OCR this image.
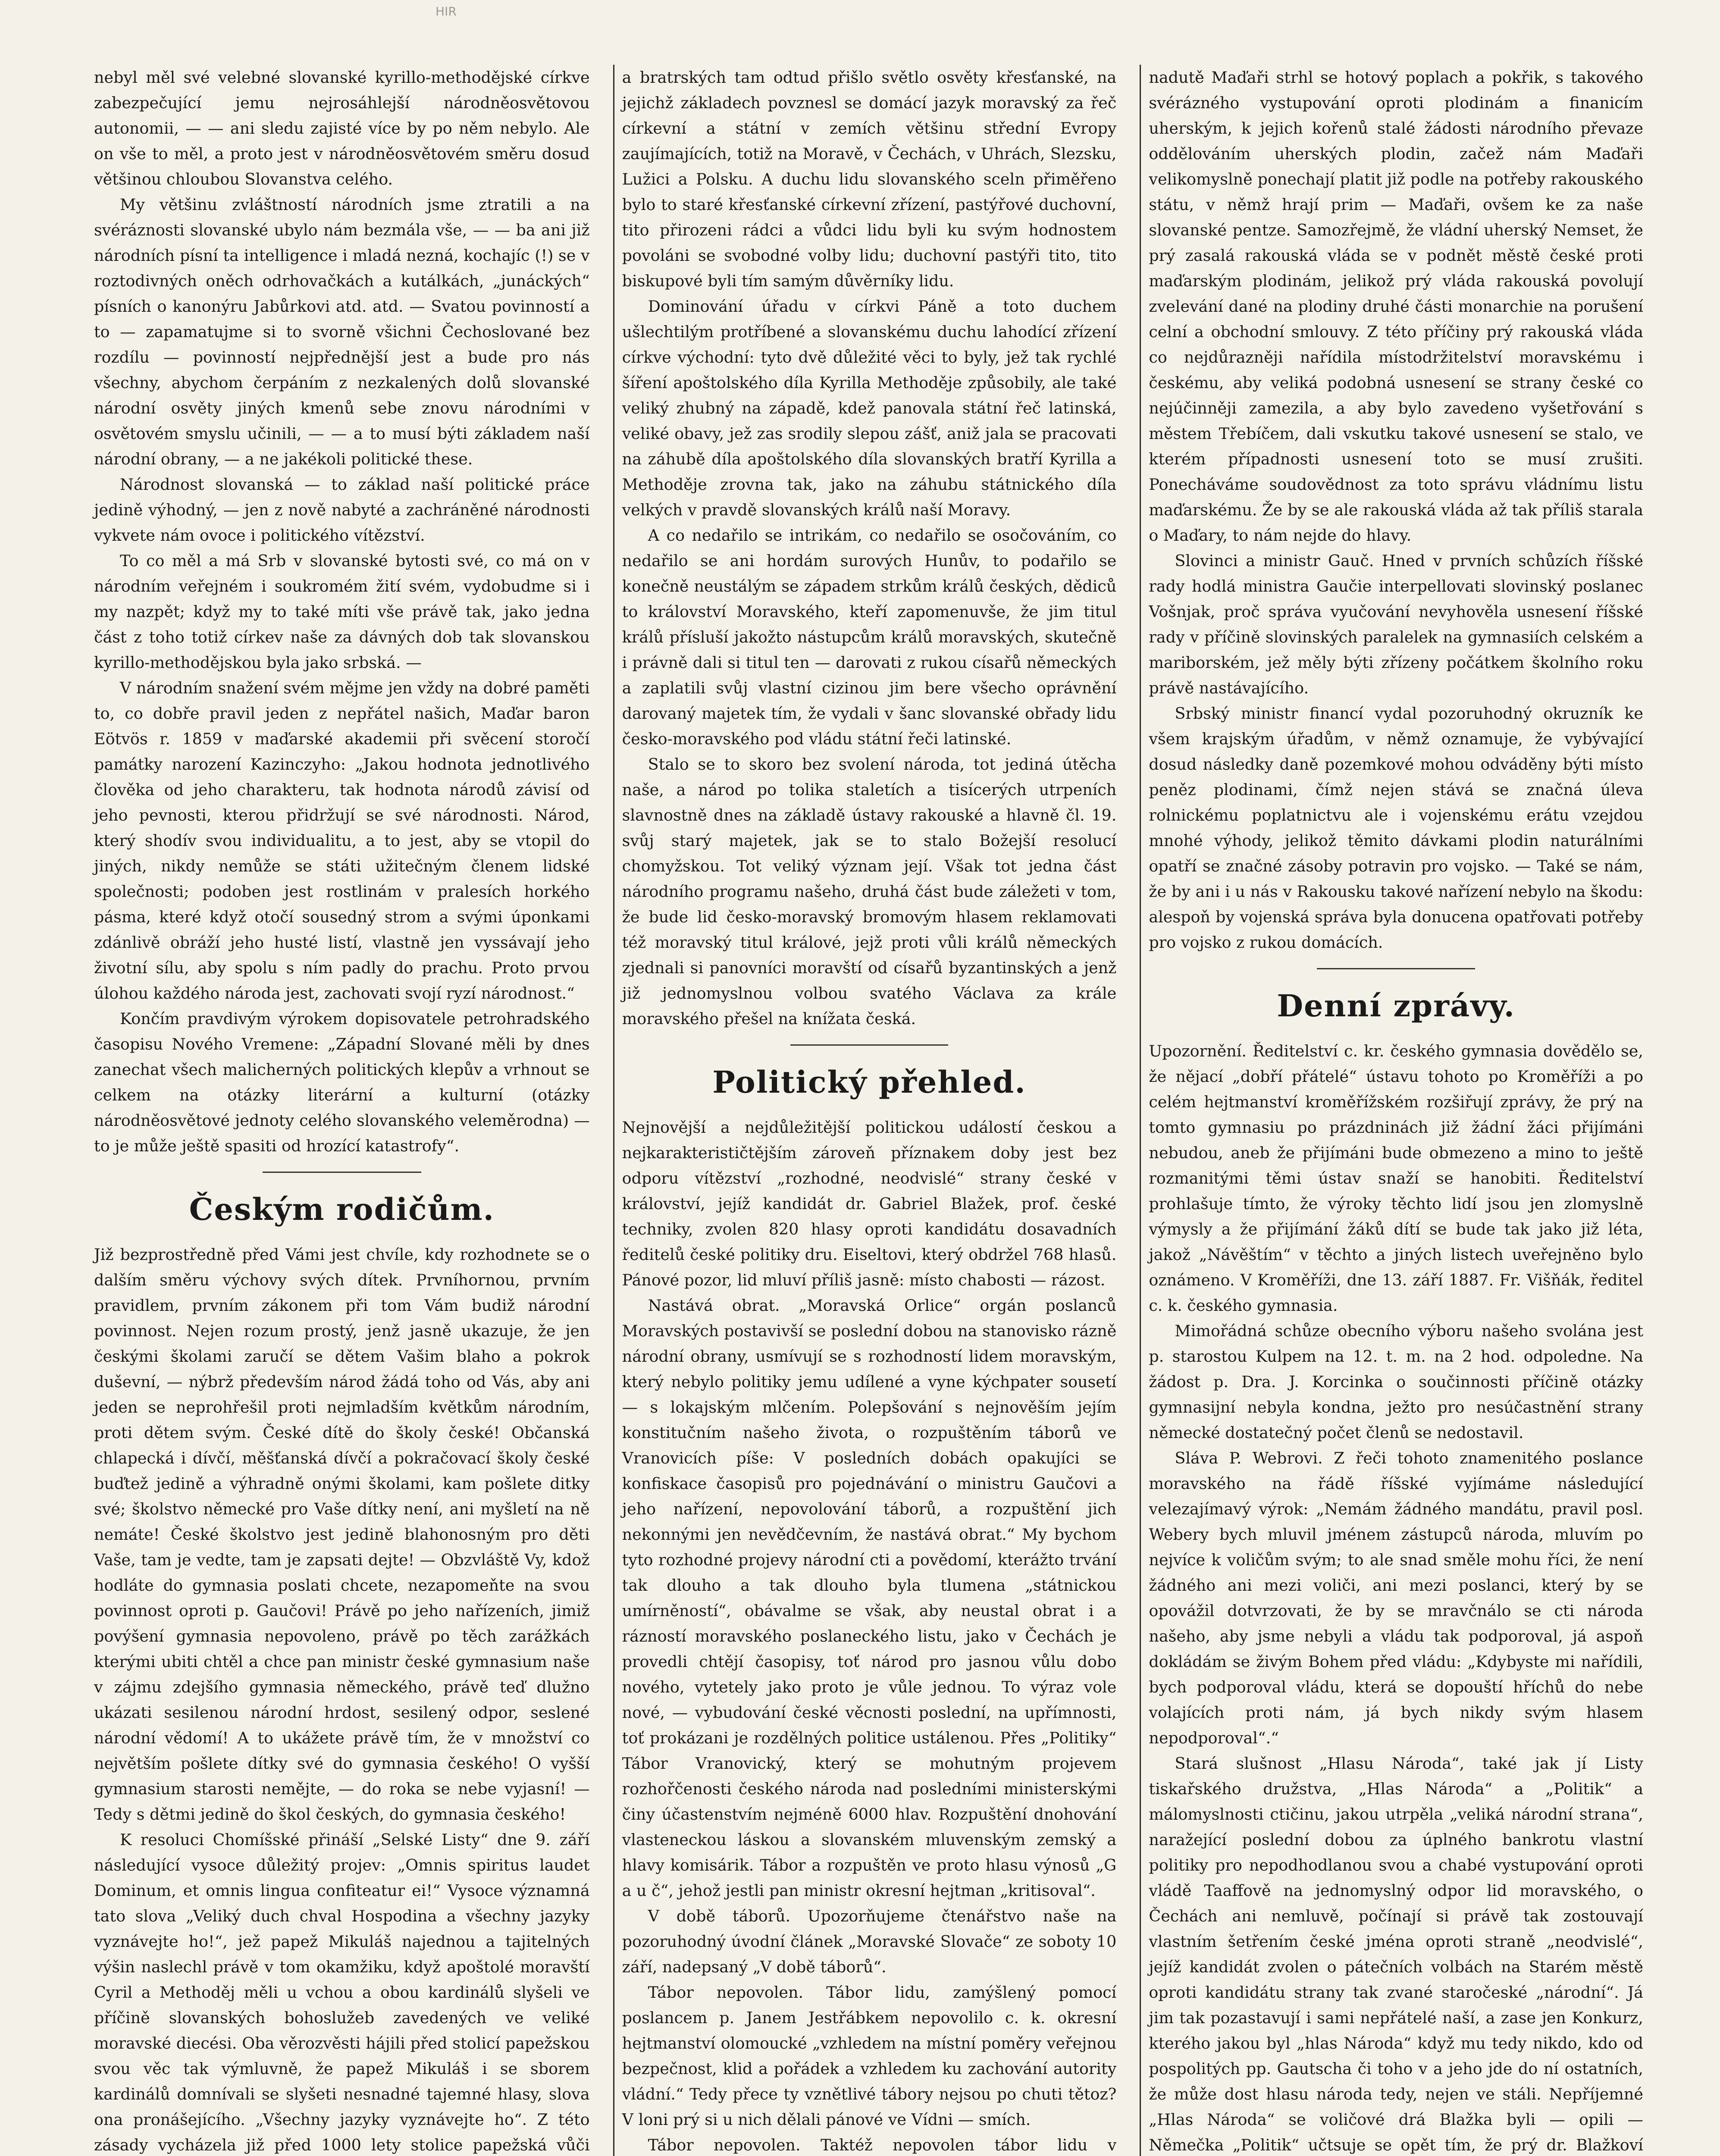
HIR

nebyl měl své velebné slovanské kyrillo-methodějské církve zabezpečující jemu nejrosáhlejší národněosvětovou autonomii, — — ani sledu zajisté více by po něm nebylo. Ale on vše to měl, a proto jest v národněosvětovém směru dosud většinou chloubou Slovanstva celého.

My většinu zvláštností národních jsme ztratili a na svéráznosti slovanské ubylo nám bezmála vše, — — ba ani již národních písní ta intelligence i mladá nezná, kochajíc (!) se v roztodivných oněch odrhovačkách a kutálkách, „junáckých“ písních o kanonýru Jabůrkovi atd. atd. — Svatou povinností a to — zapamatujme si to svorně všichni Čechoslované bez rozdílu — povinností nejpřednější jest a bude pro nás všechny, abychom čerpáním z nezkalených dolů slovanské národní osvěty jiných kmenů sebe znovu národními v osvětovém smyslu učinili, — — a to musí býti základem naší národní obrany, — a ne jakékoli politické these.

Národnost slovanská — to základ naší politické práce jedině výhodný, — jen z nově nabyté a zachráněné národnosti vykvete nám ovoce i politického vítězství.

To co měl a má Srb v slovanské bytosti své, co má on v národním veřejném i soukromém žití svém, vydobudme si i my nazpět; když my to také míti vše právě tak, jako jedna část z toho totiž církev naše za dávných dob tak slovanskou kyrillo-methodějskou byla jako srbská. —

V národním snažení svém mějme jen vždy na dobré paměti to, co dobře pravil jeden z nepřátel našich, Maďar baron Eötvös r. 1859 v maďarské akademii při svěcení storočí památky narození Kazinczyho: „Jakou hodnota jednotlivého člověka od jeho charakteru, tak hodnota národů závisí od jeho pevnosti, kterou přidržují se své národnosti. Národ, který shodív svou individualitu, a to jest, aby se vtopil do jiných, nikdy nemůže se státi užitečným členem lidské společnosti; podoben jest rostlinám v pralesích horkého pásma, které když otočí sousedný strom a svými úponkami zdánlivě obráží jeho husté listí, vlastně jen vyssávají jeho životní sílu, aby spolu s ním padly do prachu. Proto prvou úlohou každého národa jest, zachovati svojí ryzí národnost.“

Končím pravdivým výrokem dopisovatele petrohradského časopisu Nového Vremene: „Západní Slované měli by dnes zanechat všech malicherných politických klepův a vrhnout se celkem na otázky literární a kulturní (otázky národněosvětové jednoty celého slovanského veleměrodna) — to je může ještě spasiti od hrozící katastrofy“.

Českým rodičům.

Již bezprostředně před Vámi jest chvíle, kdy rozhodnete se o dalším směru výchovy svých dítek. Prvníhornou, prvním pravidlem, prvním zákonem při tom Vám budiž národní povinnost. Nejen rozum prostý, jenž jasně ukazuje, že jen českými školami zaručí se dětem Vašim blaho a pokrok duševní, — nýbrž především národ žádá toho od Vás, aby ani jeden se neprohřešil proti nejmladším květkům národním, proti dětem svým. České dítě do školy české! Občanská chlapecká i dívčí, měšťanská dívčí a pokračovací školy české buďtež jedině a výhradně onými školami, kam pošlete ditky své; školstvo německé pro Vaše dítky není, ani myšletí na ně nemáte! České školstvo jest jedině blahonosným pro děti Vaše, tam je vedte, tam je zapsati dejte! — Obzvláště Vy, kdož hodláte do gymnasia poslati chcete, nezapomeňte na svou povinnost oproti p. Gaučovi! Právě po jeho nařízeních, jimiž povýšení gymnasia nepovoleno, právě po těch zarážkách kterými ubiti chtěl a chce pan ministr české gymnasium naše v zájmu zdejšího gymnasia německého, právě teď dlužno ukázati sesilenou národní hrdost, sesilený odpor, seslené národní vědomí! A to ukážete právě tím, že v množství co největším pošlete dítky své do gymnasia českého! O vyšší gymnasium starosti nemějte, — do roka se nebe vyjasní! — Tedy s dětmi jedině do škol českých, do gymnasia českého!

K resoluci Chomíšské přináší „Selské Listy“ dne 9. září následující vysoce důležitý projev: „Omnis spiritus laudet Dominum, et omnis lingua confiteatur ei!“ Vysoce významná tato slova „Veliký duch chval Hospodina a všechny jazyky vyznávejte ho!“, jež papež Mikuláš najednou a tajitelných výšin naslechl právě v tom okamžiku, když apoštolé moravští Cyril a Methoděj měli u vchou a obou kardinálů slyšeli ve příčině slovanských bohoslužeb zavedených ve veliké moravské diecési. Oba věrozvěsti hájili před stolicí papežskou svou věc tak výmluvně, že papež Mikuláš i se sborem kardinálů domnívali se slyšeti nesnadné tajemné hlasy, slova ona pronášejícího. „Všechny jazyky vyznávejte ho“. Z této zásady vycházela již před 1000 lety stolice papežská vůči

a bratrských tam odtud přišlo světlo osvěty křesťanské, na jejichž základech povznesl se domácí jazyk moravský za řeč církevní a státní v zemích většinu střední Evropy zaujímajících, totiž na Moravě, v Čechách, v Uhrách, Slezsku, Lužici a Polsku. A duchu lidu slovanského sceln přiměřeno bylo to staré křesťanské církevní zřízení, pastýřové duchovní, tito přirozeni rádci a vůdci lidu byli ku svým hodnostem povoláni se svobodné volby lidu; duchovní pastýři tito, tito biskupové byli tím samým důvěrníky lidu.

Dominování úřadu v církvi Páně a toto duchem ušlechtilým protříbené a slovanskému duchu lahodící zřízení církve východní: tyto dvě důležité věci to byly, jež tak rychlé šíření apoštolského díla Kyrilla Methoděje způsobily, ale také veliký zhubný na západě, kdež panovala státní řeč latinská, veliké obavy, jež zas srodily slepou zášť, aniž jala se pracovati na záhubě díla apoštolského díla slovanských bratří Kyrilla a Methoděje zrovna tak, jako na záhubu státnického díla velkých v pravdě slovanských králů naší Moravy.

A co nedařilo se intrikám, co nedařilo se osočováním, co nedařilo se ani hordám surových Hunův, to podařilo se konečně neustálým se západem strkům králů českých, dědiců to království Moravského, kteří zapomenuvše, že jim titul králů přísluší jakožto nástupcům králů moravských, skutečně i právně dali si titul ten — darovati z rukou císařů německých a zaplatili svůj vlastní cizinou jim bere všecho oprávnění darovaný majetek tím, že vydali v šanc slovanské obřady lidu česko-moravského pod vládu státní řeči latinské.

Stalo se to skoro bez svolení národa, tot jediná útěcha naše, a národ po tolika staletích a tisícerých utrpeních slavnostně dnes na základě ústavy rakouské a hlavně čl. 19. svůj starý majetek, jak se to stalo Božejší resolucí chomyžskou. Tot veliký význam její. Však tot jedna část národního programu našeho, druhá část bude záležeti v tom, že bude lid česko-moravský bromovým hlasem reklamovati též moravský titul králové, jejž proti vůli králů německých zjednali si panovníci moravští od císařů byzantinských a jenž již jednomyslnou volbou svatého Václava za krále moravského přešel na knížata česká.

Politický přehled.

Nejnovější a nejdůležitější politickou událostí českou a nejkarakterističtějším zároveň příznakem doby jest bez odporu vítězství „rozhodné, neodvislé“ strany české v království, jejíž kandidát dr. Gabriel Blažek, prof. české techniky, zvolen 820 hlasy oproti kandidátu dosavadních ředitelů české politiky dru. Eiseltovi, který obdržel 768 hlasů. Pánové pozor, lid mluví příliš jasně: místo chabosti — rázost.

Nastává obrat. „Moravská Orlice“ orgán poslanců Moravských postavivší se poslední dobou na stanovisko rázně národní obrany, usmívují se s rozhodností lidem moravským, který nebylo politiky jemu udílené a vyne kýchpater sousetí — s lokajským mlčením. Polepšování s nejnověším jejím konstitučním našeho života, o rozpuštěním táborů ve Vranovicích píše: V posledních dobách opakujíci se konfiskace časopisů pro pojednávání o ministru Gaučovi a jeho nařízení, nepovolování táborů, a rozpuštění jich nekonnými jen nevědčevním, že nastává obrat.“ My bychom tyto rozhodné projevy národní cti a povědomí, kterážto trvání tak dlouho a tak dlouho byla tlumena „státnickou umírněností“, obávalme se však, aby neustal obrat i a rázností moravského poslaneckého listu, jako v Čechách je provedli chtějí časopisy, toť národ pro jasnou vůlu dobo nového, vytetely jako proto je vůle jednou. To výraz vole nové, — vybudování české věcnosti poslední, na upřímnosti, toť prokázani je rozdělných politice ustálenou. Přes „Politiky“ Tábor Vranovický, který se mohutným projevem rozhořčenosti českého národa nad posledními ministerskými činy účastenstvím nejméně 6000 hlav. Rozpuštění dnohování vlasteneckou láskou a slovanském mluvenským zemský a hlavy komisárik. Tábor a rozpuštěn ve proto hlasu výnosů „G a u č“, jehož jestli pan ministr okresní hejtman „kritisoval“.

V době táborů. Upozorňujeme čtenářstvo naše na pozoruhodný úvodní článek „Moravské Slovače“ ze soboty 10 září, nadepsaný „V době táborů“.

Tábor nepovolen. Tábor lidu, zamýšlený pomocí poslancem p. Janem Jestřábkem nepovolilo c. k. okresní hejtmanství olomoucké „vzhledem na místní poměry veřejnou bezpečnost, klid a pořádek a vzhledem ku zachování autority vládní.“ Tedy přece ty vznětlivé tábory nejsou po chuti tětoz? V loni prý si u nich dělali pánové ve Vídni — smích.

Tábor nepovolen. Taktéž nepovolen tábor lidu v

nadutě Maďaři strhl se hotový poplach a pokřik, s takového svérázného vystupování oproti plodinám a finanicím uherským, k jejich kořenů stalé žádosti národního převaze oddělováním uherských plodin, začež nám Maďaři velikomyslně ponechají platit již podle na potřeby rakouského státu, v němž hrají prim — Maďaři, ovšem ke za naše slovanské pentze. Samozřejmě, že vládní uherský Nemset, že prý zasalá rakouská vláda se v podnět městě české proti maďarským plodinám, jelikož prý vláda rakouská povolují zvelevání dané na plodiny druhé části monarchie na porušení celní a obchodní smlouvy. Z této příčiny prý rakouská vláda co nejdůrazněji nařídila místodržitelství moravskému i českému, aby veliká podobná usnesení se strany české co nejúčinněji zamezila, a aby bylo zavedeno vyšetřování s městem Třebíčem, dali vskutku takové usnesení se stalo, ve kterém případnosti usnesení toto se musí zrušiti. Ponecháváme soudovědnost za toto správu vládnímu listu maďarskému. Že by se ale rakouská vláda až tak příliš starala o Maďary, to nám nejde do hlavy.

Slovinci a ministr Gauč. Hned v prvních schůzích říšské rady hodlá ministra Gaučie interpellovati slovinský poslanec Vošnjak, proč správa vyučování nevyhověla usnesení říšské rady v příčině slovinských paralelek na gymnasiích celském a mariborském, jež měly býti zřízeny počátkem školního roku právě nastávajícího.

Srbský ministr financí vydal pozoruhodný okruzník ke všem krajským úřadům, v němž oznamuje, že vybývající dosud následky daně pozemkové mohou odváděny býti místo peněz plodinami, čímž nejen stává se značná úleva rolnickému poplatnictvu ale i vojenskému erátu vzejdou mnohé výhody, jelikož těmito dávkami plodin naturálními opatří se značné zásoby potravin pro vojsko. — Také se nám, že by ani i u nás v Rakousku takové nařízení nebylo na škodu: alespoň by vojenská správa byla donucena opatřovati potřeby pro vojsko z rukou domácích.

Denní zprávy.

Upozornění. Ředitelství c. kr. českého gymnasia dovědělo se, že nějací „dobří přátelé“ ústavu tohoto po Kroměříži a po celém hejtmanství kroměřížském rozšiřují zprávy, že prý na tomto gymnasiu po prázdninách již žádní žáci přijímáni nebudou, aneb že přijímáni bude obmezeno a mino to ještě rozmanitými těmi ústav snaží se hanobiti. Ředitelství prohlašuje tímto, že výroky těchto lidí jsou jen zlomyslně výmysly a že přijímání žáků dítí se bude tak jako již léta, jakož „Návěštím“ v těchto a jiných listech uveřejněno bylo oznámeno. V Kroměříži, dne 13. září 1887. Fr. Višňák, ředitel c. k. českého gymnasia.

Mimořádná schůze obecního výboru našeho svolána jest p. starostou Kulpem na 12. t. m. na 2 hod. odpoledne. Na žádost p. Dra. J. Korcinka o součinnosti příčině otázky gymnasijní nebyla kondna, ježto pro nesúčastnění strany německé dostatečný počet členů se nedostavil.

Sláva P. Webrovi. Z řeči tohoto znamenitého poslance moravského na řádě říšské vyjímáme následující velezajímavý výrok: „Nemám žádného mandátu, pravil posl. Webery bych mluvil jménem zástupců národa, mluvím po nejvíce k voličům svým; to ale snad směle mohu říci, že není žádného ani mezi voliči, ani mezi poslanci, který by se opovážil dotvrzovati, že by se mravčnálo se cti národa našeho, aby jsme nebyli a vládu tak podporoval, já aspoň dokládám se živým Bohem před vládu: „Kdybyste mi nařídili, bych podporoval vládu, která se dopouští hříchů do nebe volajících proti nám, já bych nikdy svým hlasem nepodporoval“.“

Stará slušnost „Hlasu Národa“, také jak jí Listy tiskařského družstva, „Hlas Národa“ a „Politik“ a málomyslnosti ctičinu, jakou utrpěla „veliká národní strana“, naražející poslední dobou za úplného bankrotu vlastní politiky pro nepodhodlanou svou a chabé vystupování oproti vládě Taaffově na jednomyslný odpor lid moravského, o Čechách ani nemluvě, počínají si právě tak zostouvají vlastním šetřením české jména oproti straně „neodvislé“, jejíž kandidát zvolen o pátečních volbách na Starém městě oproti kandidátu strany tak zvané staročeské „národní“. Já jim tak pozastavují i sami nepřátelé naší, a zase jen Konkurz, kterého jakou byl „hlas Národa“ když mu tedy nikdo, kdo od pospolitých pp. Gautscha či toho v a jeho jde do ní ostatních, že může dost hlasu národa tedy, nejen ve stáli. Nepříjemné „Hlas Národa“ se voličové drá Blažka byli — opili — Němečka „Politik“ učtsuje se opět tím, že prý dr. Blažkoví
